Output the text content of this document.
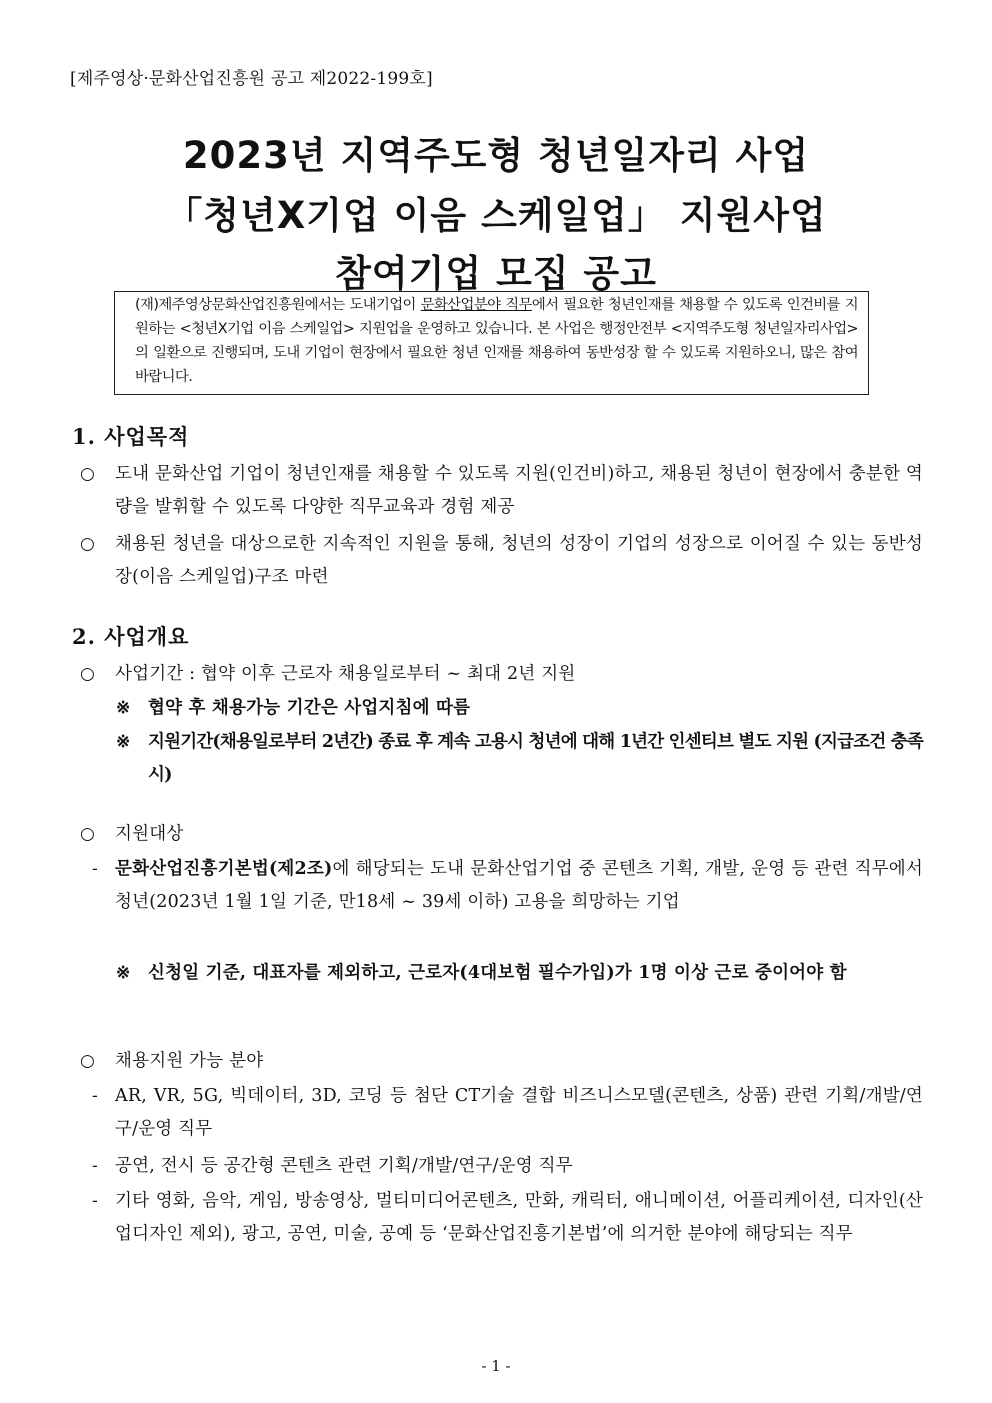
[제주영상·문화산업진흥원 공고 제2022-199호]
2023년 지역주도형 청년일자리 사업
「청년X기업 이음 스케일업」 지원사업
참여기업 모집 공고
(재)제주영상문화산업진흥원에서는 도내기업이 문화산업분야 직무에서 필요한 청년인재를 채용할 수 있도록 인건비를 지원하는 <청년X기업 이음 스케일업> 지원업을 운영하고 있습니다. 본 사업은 행정안전부 <지역주도형 청년일자리사업>의 일환으로 진행되며, 도내 기업이 현장에서 필요한 청년 인재를 채용하여 동반성장 할 수 있도록 지원하오니, 많은 참여 바랍니다.
1. 사업목적
○ 도내 문화산업 기업이 청년인재를 채용할 수 있도록 지원(인건비)하고, 채용된 청년이 현장에서 충분한 역량을 발휘할 수 있도록 다양한 직무교육과 경험 제공
○ 채용된 청년을 대상으로한 지속적인 지원을 통해, 청년의 성장이 기업의 성장으로 이어질 수 있는 동반성장(이음 스케일업)구조 마련
2. 사업개요
○ 사업기간 : 협약 이후 근로자 채용일로부터 ~ 최대 2년 지원
※ 협약 후 채용가능 기간은 사업지침에 따름
※ 지원기간(채용일로부터 2년간) 종료 후 계속 고용시 청년에 대해 1년간 인센티브 별도 지원 (지급조건 충족 시)
○ 지원대상
- 문화산업진흥기본법(제2조)에 해당되는 도내 문화산업기업 중 콘텐츠 기획, 개발, 운영 등 관련 직무에서 청년(2023년 1월 1일 기준, 만18세 ~ 39세 이하) 고용을 희망하는 기업
※ 신청일 기준, 대표자를 제외하고, 근로자(4대보험 필수가입)가 1명 이상 근로 중이어야 함
○ 채용지원 가능 분야
- AR, VR, 5G, 빅데이터, 3D, 코딩 등 첨단 CT기술 결합 비즈니스모델(콘텐츠, 상품) 관련 기획/개발/연구/운영 직무
- 공연, 전시 등 공간형 콘텐츠 관련 기획/개발/연구/운영 직무
- 기타 영화, 음악, 게임, 방송영상, 멀티미디어콘텐츠, 만화, 캐릭터, 애니메이션, 어플리케이션, 디자인(산업디자인 제외), 광고, 공연, 미술, 공예 등 ‘문화산업진흥기본법’에 의거한 분야에 해당되는 직무
- 1 -
